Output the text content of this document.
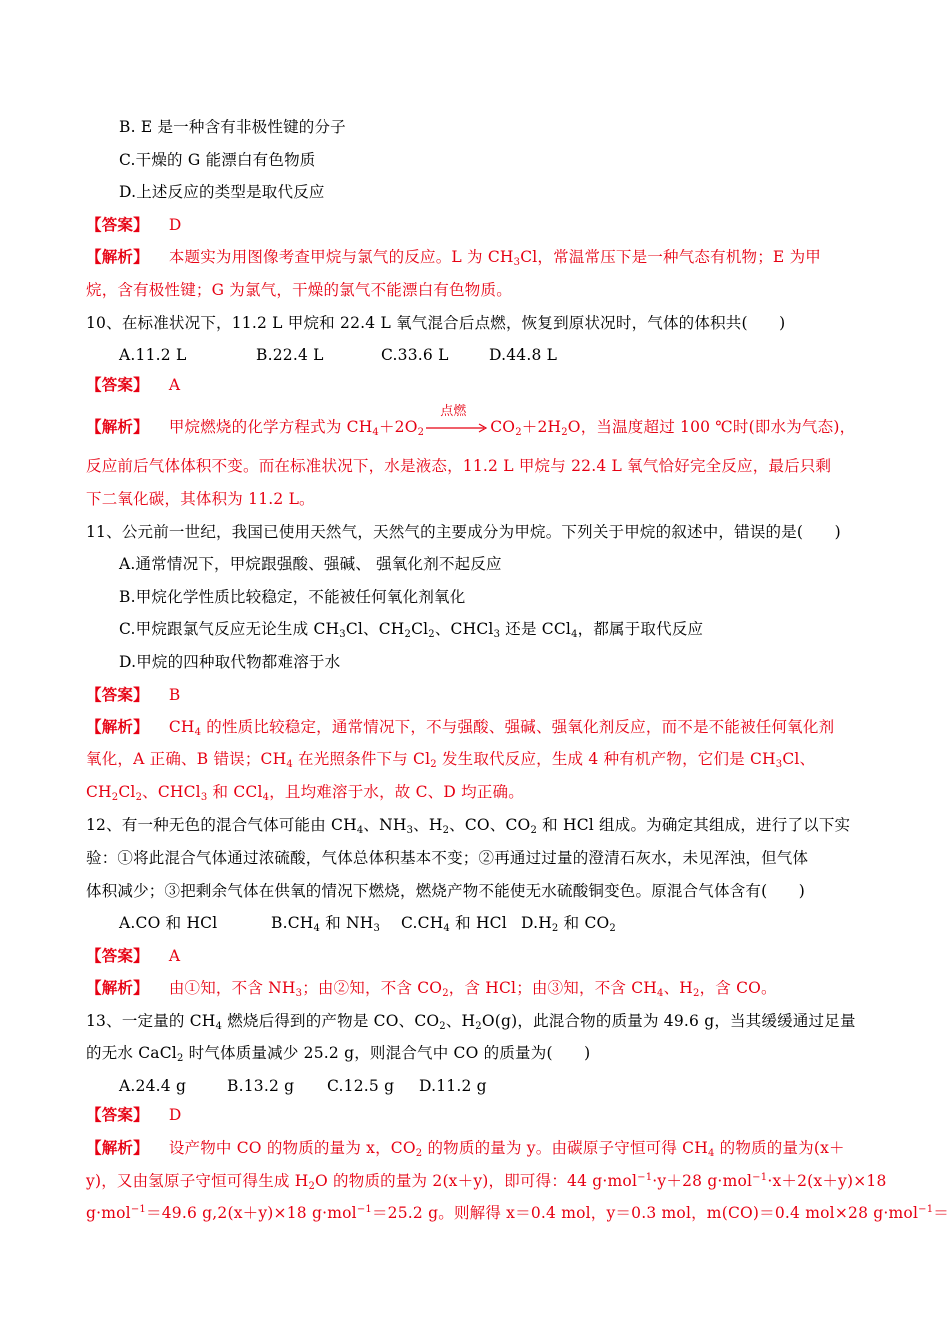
B. E 是一种含有非极性键的分子
C.干燥的 G 能漂白有色物质
D.上述反应的类型是取代反应
【答案】 D
【解析】 本题实为用图像考查甲烷与氯气的反应。L 为 $CH_3Cl$，常温常压下是一种气态有机物；E 为甲
烷，含有极性键；G 为氯气，干燥的氯气不能漂白有色物质。
10、在标准状况下，11.2 L 甲烷和 22.4 L 氧气混合后点燃，恢复到原状况时，气体的体积共(　　)
A.11.2 L	B.22.4 L	C.33.6 L	D.44.8 L
【答案】 A
【解析】 甲烷燃烧的化学方程式为 $CH_4+2O_2$
点燃
$CO_2+2H_2O$，当温度超过 100 ℃时(即水为气态)，
反应前后气体体积不变。而在标准状况下，水是液态，11.2 L 甲烷与 22.4 L 氧气恰好完全反应，最后只剩
下二氧化碳，其体积为 11.2 L。
11、公元前一世纪，我国已使用天然气，天然气的主要成分为甲烷。下列关于甲烷的叙述中，错误的是(　　)
A.通常情况下，甲烷跟强酸、强碱、 强氧化剂不起反应
B.甲烷化学性质比较稳定，不能被任何氧化剂氧化
C.甲烷跟氯气反应无论生成 $CH_3Cl$、$CH_2Cl_2$、CHCl$_3$ 还是 CCl$_4$，都属于取代反应
D.甲烷的四种取代物都难溶于水
【答案】 B
【解析】 $CH_4$ 的性质比较稳定，通常情况下，不与强酸、强碱、强氧化剂反应，而不是不能被任何氧化剂
氧化，A 正确、B 错误；$CH_4$ 在光照条件下与 $Cl_2$ 发生取代反应，生成 4 种有机产物，它们是 $CH_3Cl$、
$CH_2Cl_2$、CHCl$_3$ 和 CCl$_4$，且均难溶于水，故 C、D 均正确。
12、有一种无色的混合气体可能由 $CH_4$、$NH_3$、$H_2$、CO、$CO_2$ 和 HCl 组成。为确定其组成，进行了以下实
验：①将此混合气体通过浓硫酸，气体总体积基本不变；②再通过过量的澄清石灰水，未见浑浊，但气体
体积减少；③把剩余气体在供氧的情况下燃烧，燃烧产物不能使无水硫酸铜变色。原混合气体含有(　　)
A.CO 和 HCl	$B.CH_4$ 和 $NH_3$ $C.CH_4$ 和 HCl $D.H_2$ 和 $CO_2$
【答案】 A
【解析】 由①知，不含 $NH_3$；由②知，不含 $CO_2$，含 HCl；由③知，不含 $CH_4$、$H_2$，含 CO。
13、一定量的 $CH_4$ 燃烧后得到的产物是 CO、$CO_2$、$H_2O(g)$，此混合物的质量为 49.6 g，当其缓缓通过足量
的无水 CaCl$_2$ 时气体质量减少 25.2 g，则混合气中 CO 的质量为(　　)
A.24.4 g	B.13.2 g C.12.5 g D.11.2 g
【答案】 D
【解析】 设产物中 CO 的物质的量为 x，$CO_2$ 的物质的量为 y。由碳原子守恒可得 $CH_4$ 的物质的量为(x＋
y)，又由氢原子守恒可得生成 $H_2O$ 的物质的量为 2(x＋y)，即可得：44 g·mol$^{-1}$·y＋28 g·mol$^{-1}$·x＋2(x＋y)×18
g·mol$^{-1}$＝49.6 g,2(x＋y)×18 g·mol$^{-1}$＝25.2 g。则解得 x＝0.4 mol，y＝0.3 mol，m(CO)＝0.4 mol×28 g·mol$^{-1}$＝
